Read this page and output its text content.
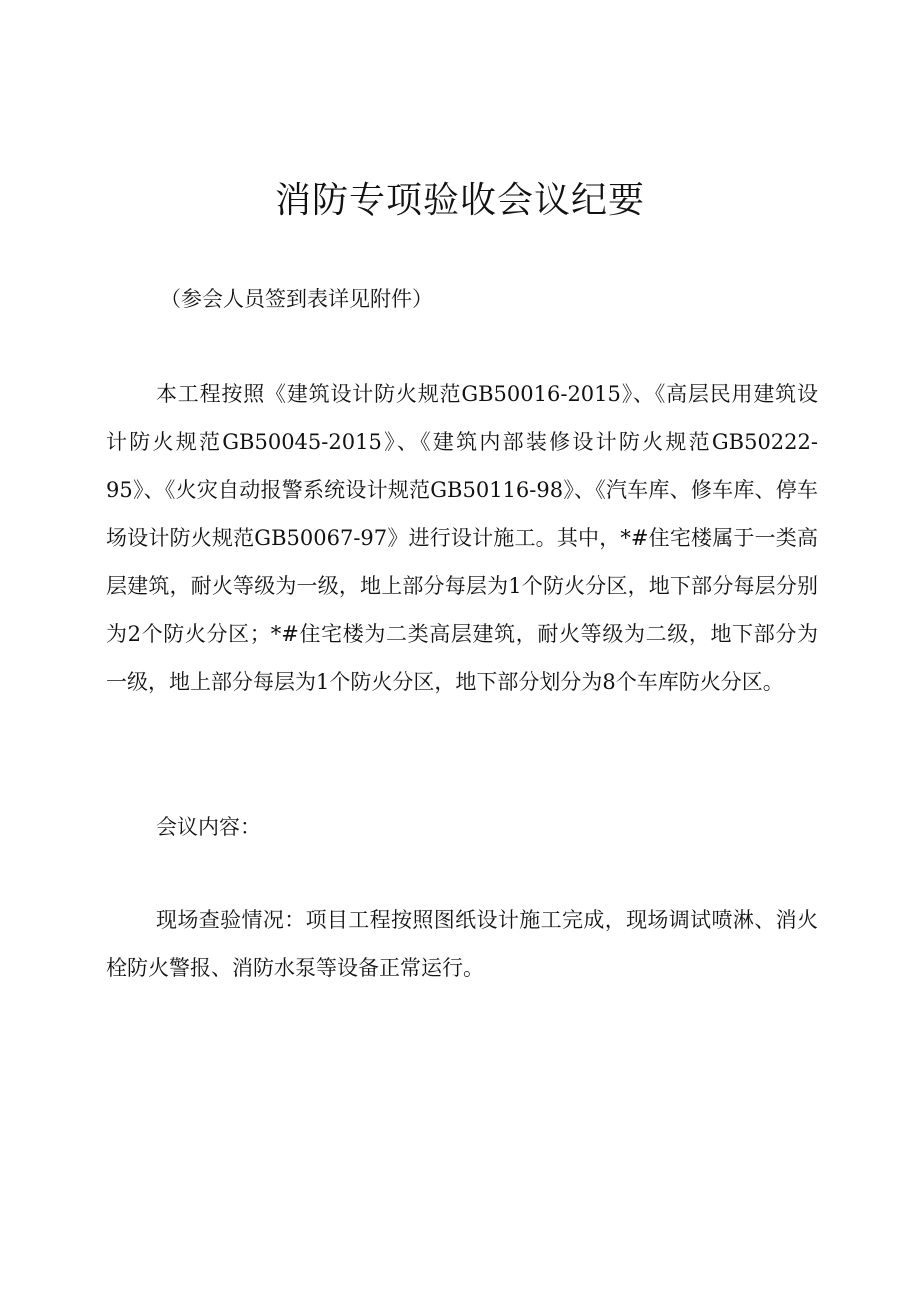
消防专项验收会议纪要

（参会人员签到表详见附件）

本工程按照《建筑设计防火规范GB50016-2015》、《高层民用建筑设计防火规范GB50045-2015》、《建筑内部装修设计防火规范GB50222-95》、《火灾自动报警系统设计规范GB50116-98》、《汽车库、修车库、停车场设计防火规范GB50067-97》进行设计施工。其中，*#住宅楼属于一类高层建筑，耐火等级为一级，地上部分每层为1个防火分区，地下部分每层分别为2个防火分区；*#住宅楼为二类高层建筑，耐火等级为二级，地下部分为一级，地上部分每层为1个防火分区，地下部分划分为8个车库防火分区。

会议内容：

现场查验情况：项目工程按照图纸设计施工完成，现场调试喷淋、消火栓防火警报、消防水泵等设备正常运行。
